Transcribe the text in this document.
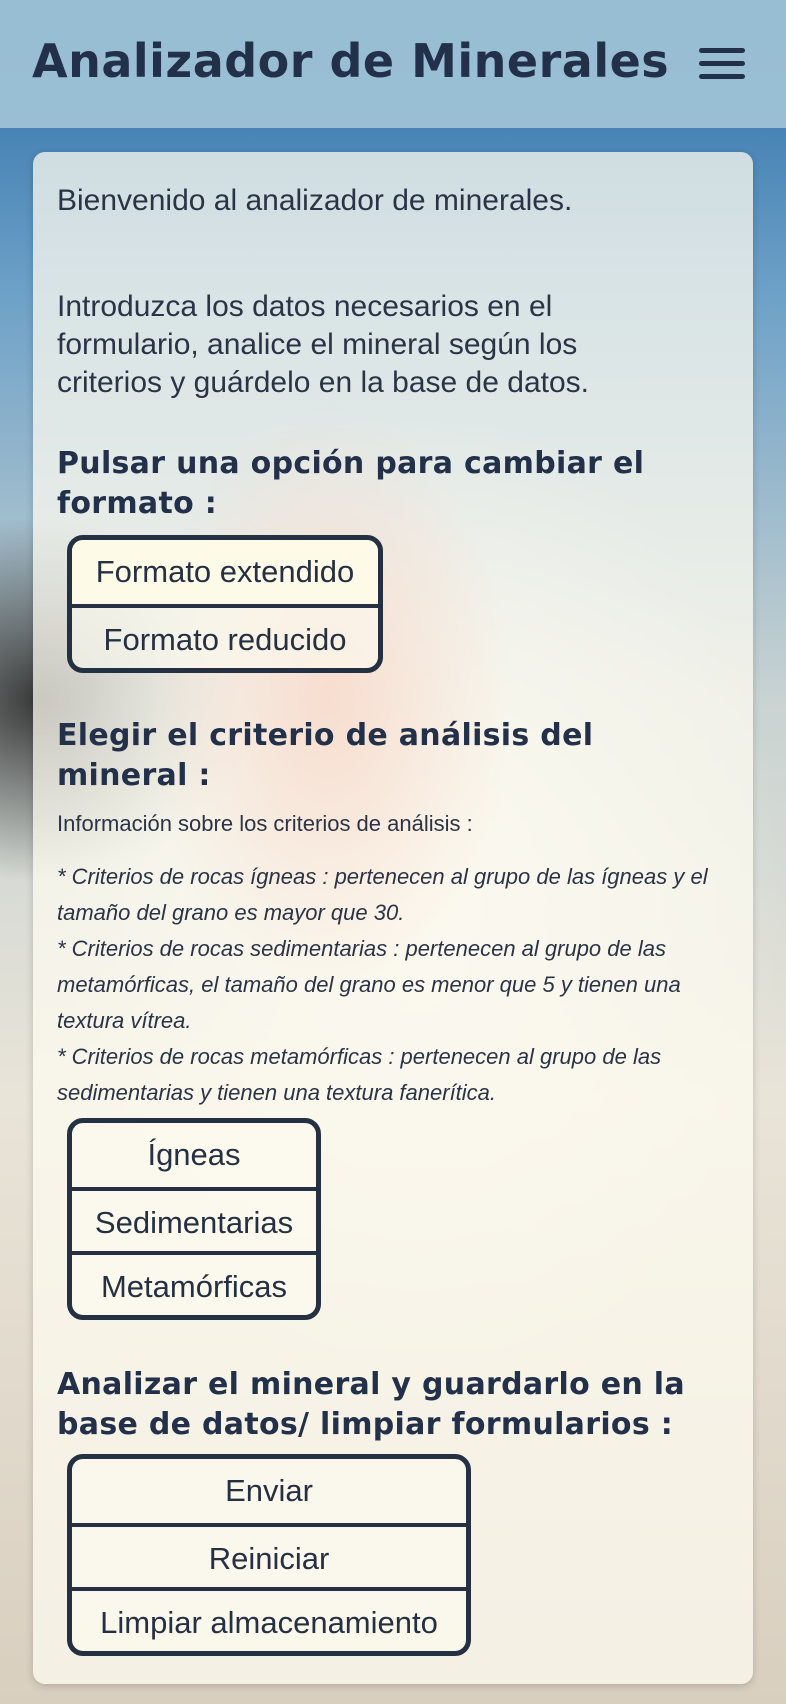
Analizador de Minerales

Bienvenido al analizador de minerales.

Introduzca los datos necesarios en el formulario, analice el mineral según los criterios y guárdelo en la base de datos.

Pulsar una opción para cambiar el formato :
Formato extendido
Formato reducido
Elegir el criterio de análisis del mineral :

Información sobre los criterios de análisis :

* Criterios de rocas ígneas : pertenecen al grupo de las ígneas y el tamaño del grano es mayor que 30.
* Criterios de rocas sedimentarias : pertenecen al grupo de las metamórficas, el tamaño del grano es menor que 5 y tienen una textura vítrea.
* Criterios de rocas metamórficas : pertenecen al grupo de las sedimentarias y tienen una textura fanerítica.
Ígneas
Sedimentarias
Metamórficas
Analizar el mineral y guardarlo en la base de datos/ limpiar formularios :
Enviar
Reiniciar
Limpiar almacenamiento
